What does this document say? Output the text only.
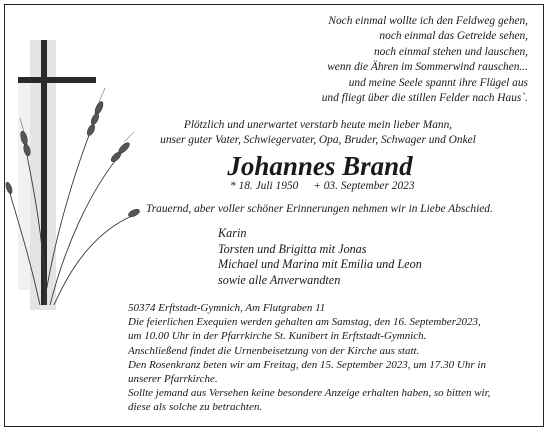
Noch einmal wollte ich den Feldweg gehen,
noch einmal das Getreide sehen,
noch einmal stehen und lauschen,
wenn die Ähren im Sommerwind rauschen...
und meine Seele spannt ihre Flügel aus
und fliegt über die stillen Felder nach Haus`.
Plötzlich und unerwartet verstarb heute mein lieber Mann,
unser guter Vater, Schwiegervater, Opa, Bruder, Schwager und Onkel
Johannes Brand
* 18. Juli 1950 + 03. September 2023
Trauernd, aber voller schöner Erinnerungen nehmen wir in Liebe Abschied.
Karin
Torsten und Brigitta mit Jonas
Michael und Marina mit Emilia und Leon
sowie alle Anverwandten
50374 Erftstadt-Gymnich, Am Flutgraben 11
Die feierlichen Exequien werden gehalten am Samstag, den 16. September2023,
um 10.00 Uhr in der Pfarrkirche St. Kunibert in Erftstadt-Gymnich.
Anschließend findet die Urnenbeisetzung von der Kirche aus statt.
Den Rosenkranz beten wir am Freitag, den 15. September 2023, um 17.30 Uhr in
unserer Pfarrkirche.
Sollte jemand aus Versehen keine besondere Anzeige erhalten haben, so bitten wir,
diese als solche zu betrachten.
